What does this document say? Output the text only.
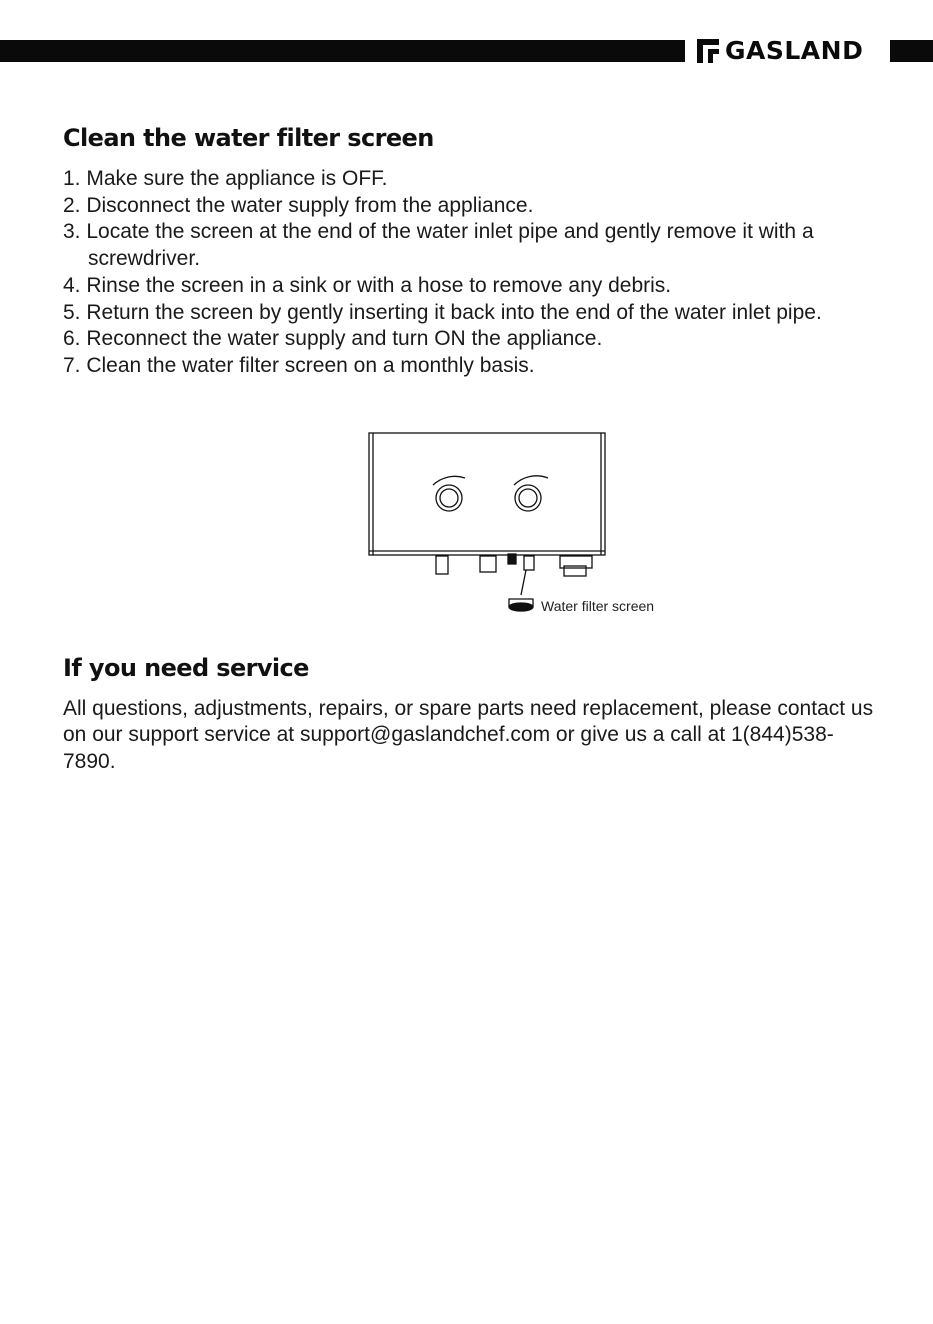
GASLAND
Clean the water filter screen
1. Make sure the appliance is OFF.
2. Disconnect the water supply from the appliance.
3. Locate the screen at the end of the water inlet pipe and gently remove it with a screwdriver.
4. Rinse the screen in a sink or with a hose to remove any debris.
5. Return the screen by gently inserting it back into the end of the water inlet pipe.
6. Reconnect the water supply and turn ON the appliance.
7. Clean the water filter screen on a monthly basis.
Water filter screen
If you need service

All questions, adjustments, repairs, or spare parts need replacement, please contact us on our support service at support@gaslandchef.com or give us a call at 1(844)538-7890.
